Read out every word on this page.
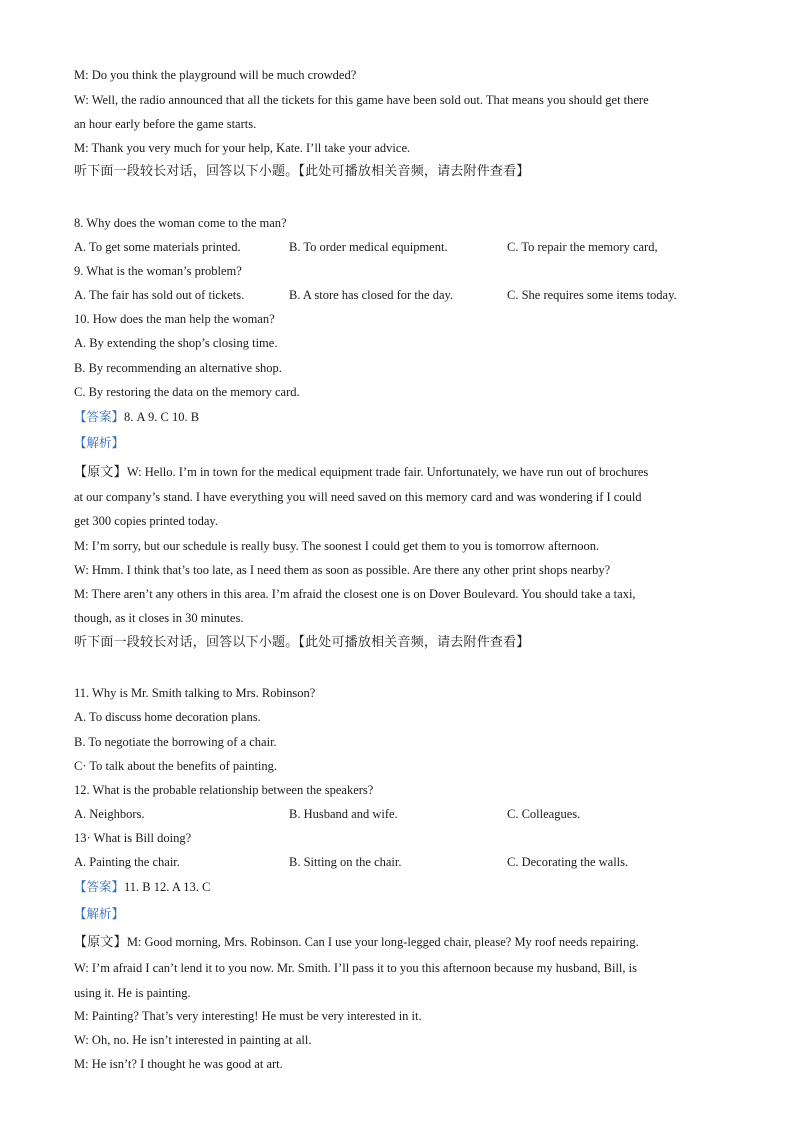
M: Do you think the playground will be much crowded?
W: Well, the radio announced that all the tickets for this game have been sold out. That means you should get there
an hour early before the game starts.
M: Thank you very much for your help, Kate. I’ll take your advice.
听下面一段较长对话，回答以下小题。【此处可播放相关音频，请去附件查看】
8. Why does the woman come to the man?
A. To get some materials printed.	B. To order medical equipment.	C. To repair the memory card,
9. What is the woman’s problem?
A. The fair has sold out of tickets.	B. A store has closed for the day.	C. She requires some items today.
10. How does the man help the woman?
A. By extending the shop’s closing time.
B. By recommending an alternative shop.
C. By restoring the data on the memory card.
【答案】8. A 9. C 10. B
【解析】
【原文】W: Hello. I’m in town for the medical equipment trade fair. Unfortunately, we have run out of brochures
at our company’s stand. I have everything you will need saved on this memory card and was wondering if I could
get 300 copies printed today.
M: I’m sorry, but our schedule is really busy. The soonest I could get them to you is tomorrow afternoon.
W: Hmm. I think that’s too late, as I need them as soon as possible. Are there any other print shops nearby?
M: There aren’t any others in this area. I’m afraid the closest one is on Dover Boulevard. You should take a taxi,
though, as it closes in 30 minutes.
听下面一段较长对话，回答以下小题。【此处可播放相关音频，请去附件查看】
11. Why is Mr. Smith talking to Mrs. Robinson?
A. To discuss home decoration plans.
B. To negotiate the borrowing of a chair.
C· To talk about the benefits of painting.
12. What is the probable relationship between the speakers?
A. Neighbors.	B. Husband and wife.	C. Colleagues.
13· What is Bill doing?
A. Painting the chair.	B. Sitting on the chair.	C. Decorating the walls.
【答案】11. B 12. A 13. C
【解析】
【原文】M: Good morning, Mrs. Robinson. Can I use your long-legged chair, please? My roof needs repairing.
W: I’m afraid I can’t lend it to you now. Mr. Smith. I’ll pass it to you this afternoon because my husband, Bill, is
using it. He is painting.
M: Painting? That’s very interesting! He must be very interested in it.
W: Oh, no. He isn’t interested in painting at all.
M: He isn’t? I thought he was good at art.
